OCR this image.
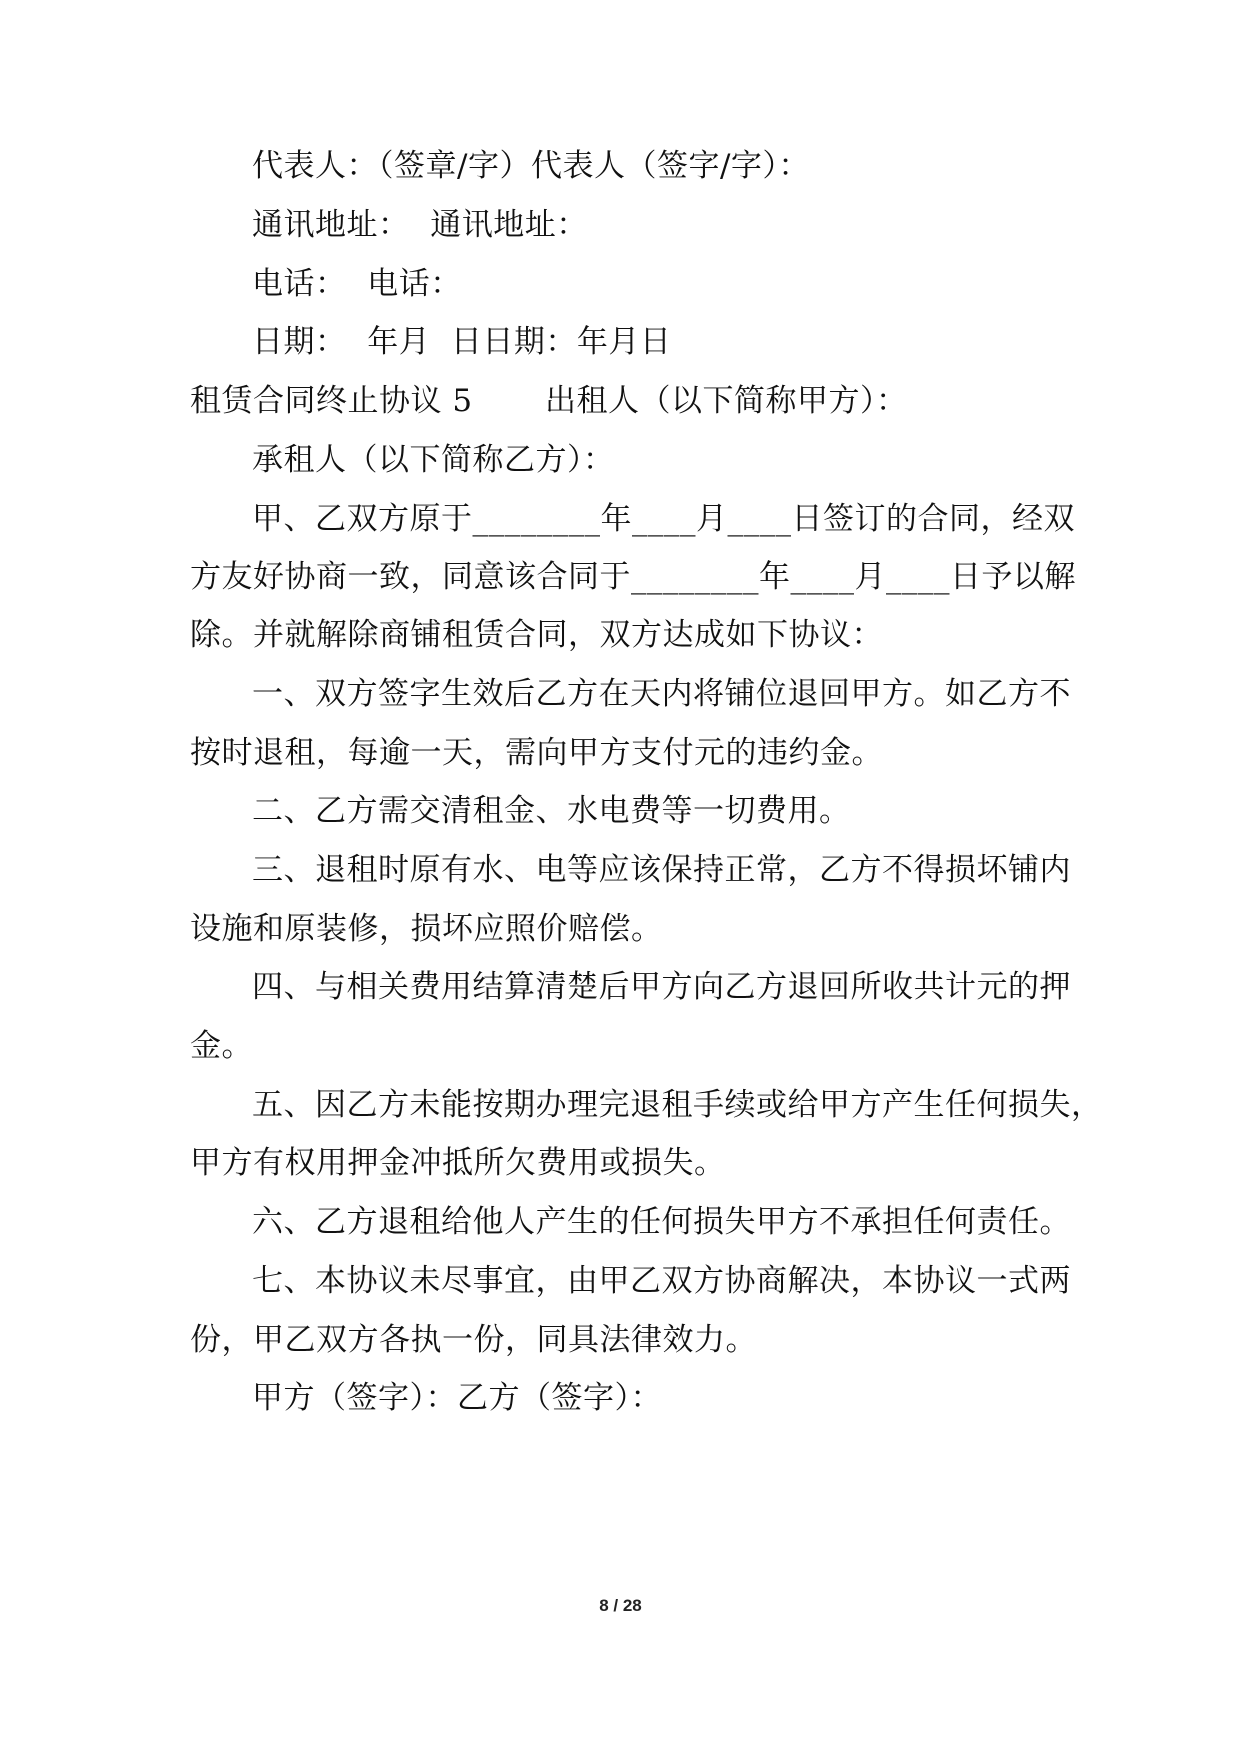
代表人：（签章/字）代表人（签字/字）：
通讯地址：  通讯地址：
电话：  电话：
日期：  年月  日日期：年月日
租赁合同终止协议 5       出租人（以下简称甲方）：
承租人（以下简称乙方）：
甲、乙双方原于________年____月____日签订的合同，经双
方友好协商一致，同意该合同于________年____月____日予以解
除。并就解除商铺租赁合同，双方达成如下协议：
一、双方签字生效后乙方在天内将铺位退回甲方。如乙方不
按时退租，每逾一天，需向甲方支付元的违约金。
二、乙方需交清租金、水电费等一切费用。
三、退租时原有水、电等应该保持正常，乙方不得损坏铺内
设施和原装修，损坏应照价赔偿。
四、与相关费用结算清楚后甲方向乙方退回所收共计元的押
金。
五、因乙方未能按期办理完退租手续或给甲方产生任何损失，
甲方有权用押金冲抵所欠费用或损失。
六、乙方退租给他人产生的任何损失甲方不承担任何责任。
七、本协议未尽事宜，由甲乙双方协商解决，本协议一式两
份，甲乙双方各执一份，同具法律效力。
甲方（签字）：乙方（签字）：
8 / 28
